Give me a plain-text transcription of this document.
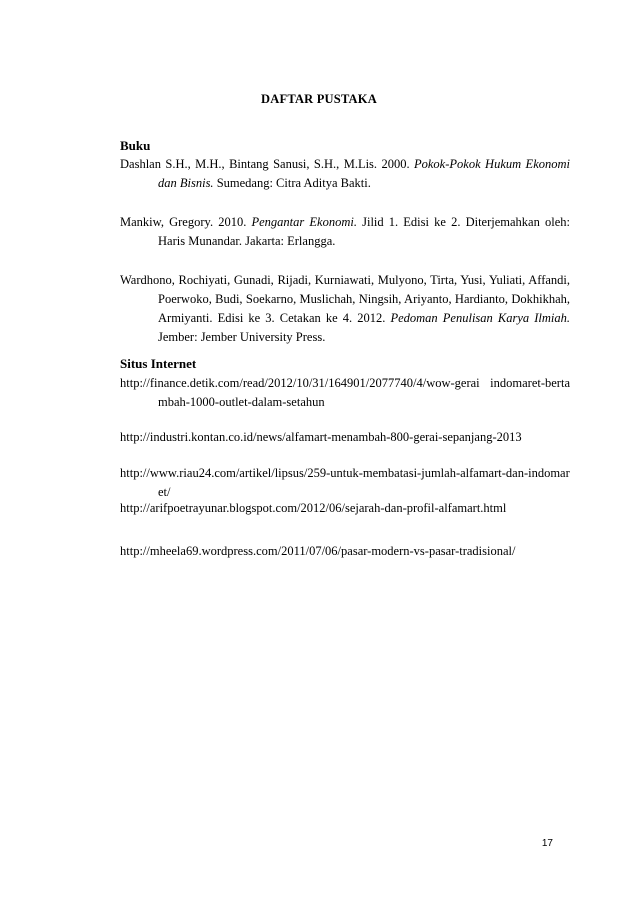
DAFTAR PUSTAKA
Buku
Dashlan S.H., M.H., Bintang Sanusi, S.H., M.Lis. 2000. Pokok-Pokok Hukum Ekonomi dan Bisnis. Sumedang: Citra Aditya Bakti.
Mankiw, Gregory. 2010. Pengantar Ekonomi. Jilid 1. Edisi ke 2. Diterjemahkan oleh: Haris Munandar. Jakarta: Erlangga.
Wardhono, Rochiyati, Gunadi, Rijadi, Kurniawati, Mulyono, Tirta, Yusi, Yuliati, Affandi, Poerwoko, Budi, Soekarno, Muslichah, Ningsih, Ariyanto, Hardianto, Dokhikhah, Armiyanti. Edisi ke 3. Cetakan ke 4. 2012. Pedoman Penulisan Karya Ilmiah. Jember: Jember University Press.
Situs Internet
http://finance.detik.com/read/2012/10/31/164901/2077740/4/wow-gerai indomaret-bertambah-1000-outlet-dalam-setahun
http://industri.kontan.co.id/news/alfamart-menambah-800-gerai-sepanjang-2013
http://www.riau24.com/artikel/lipsus/259-untuk-membatasi-jumlah-alfamart-dan-indomaret/
http://arifpoetrayunar.blogspot.com/2012/06/sejarah-dan-profil-alfamart.html
http://mheela69.wordpress.com/2011/07/06/pasar-modern-vs-pasar-tradisional/
17
